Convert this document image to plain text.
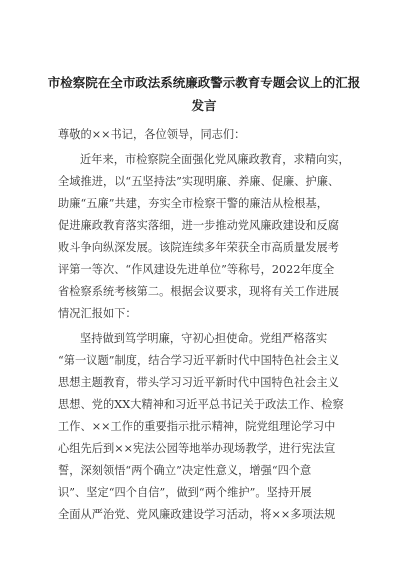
市检察院在全市政法系统廉政警示教育专题会议上的汇报
发言
尊敬的××书记，各位领导，同志们：
近年来，市检察院全面强化党风廉政教育，求精向实，
全域推进，以“五坚持法”实现明廉、养廉、促廉、护廉、
助廉“五廉”共建，夯实全市检察干警的廉洁从检根基，
促进廉政教育落实落细，进一步推动党风廉政建设和反腐
败斗争向纵深发展。该院连续多年荣获全市高质量发展考
评第一等次、“作风建设先进单位”等称号，2022年度全
省检察系统考核第二。根据会议要求，现将有关工作进展
情况汇报如下：
坚持做到笃学明廉，守初心担使命。党组严格落实
“第一议题”制度，结合学习近平新时代中国特色社会主义
思想主题教育，带头学习习近平新时代中国特色社会主义
思想、党的XX大精神和习近平总书记关于政法工作、检察
工作、××工作的重要指示批示精神，院党组理论学习中
心组先后到××宪法公园等地举办现场教学，进行宪法宣
誓，深刻领悟“两个确立”决定性意义，增强“四个意
识”、坚定“四个自信”，做到“两个维护”。坚持开展
全面从严治党、党风廉政建设学习活动，将××多项法规
